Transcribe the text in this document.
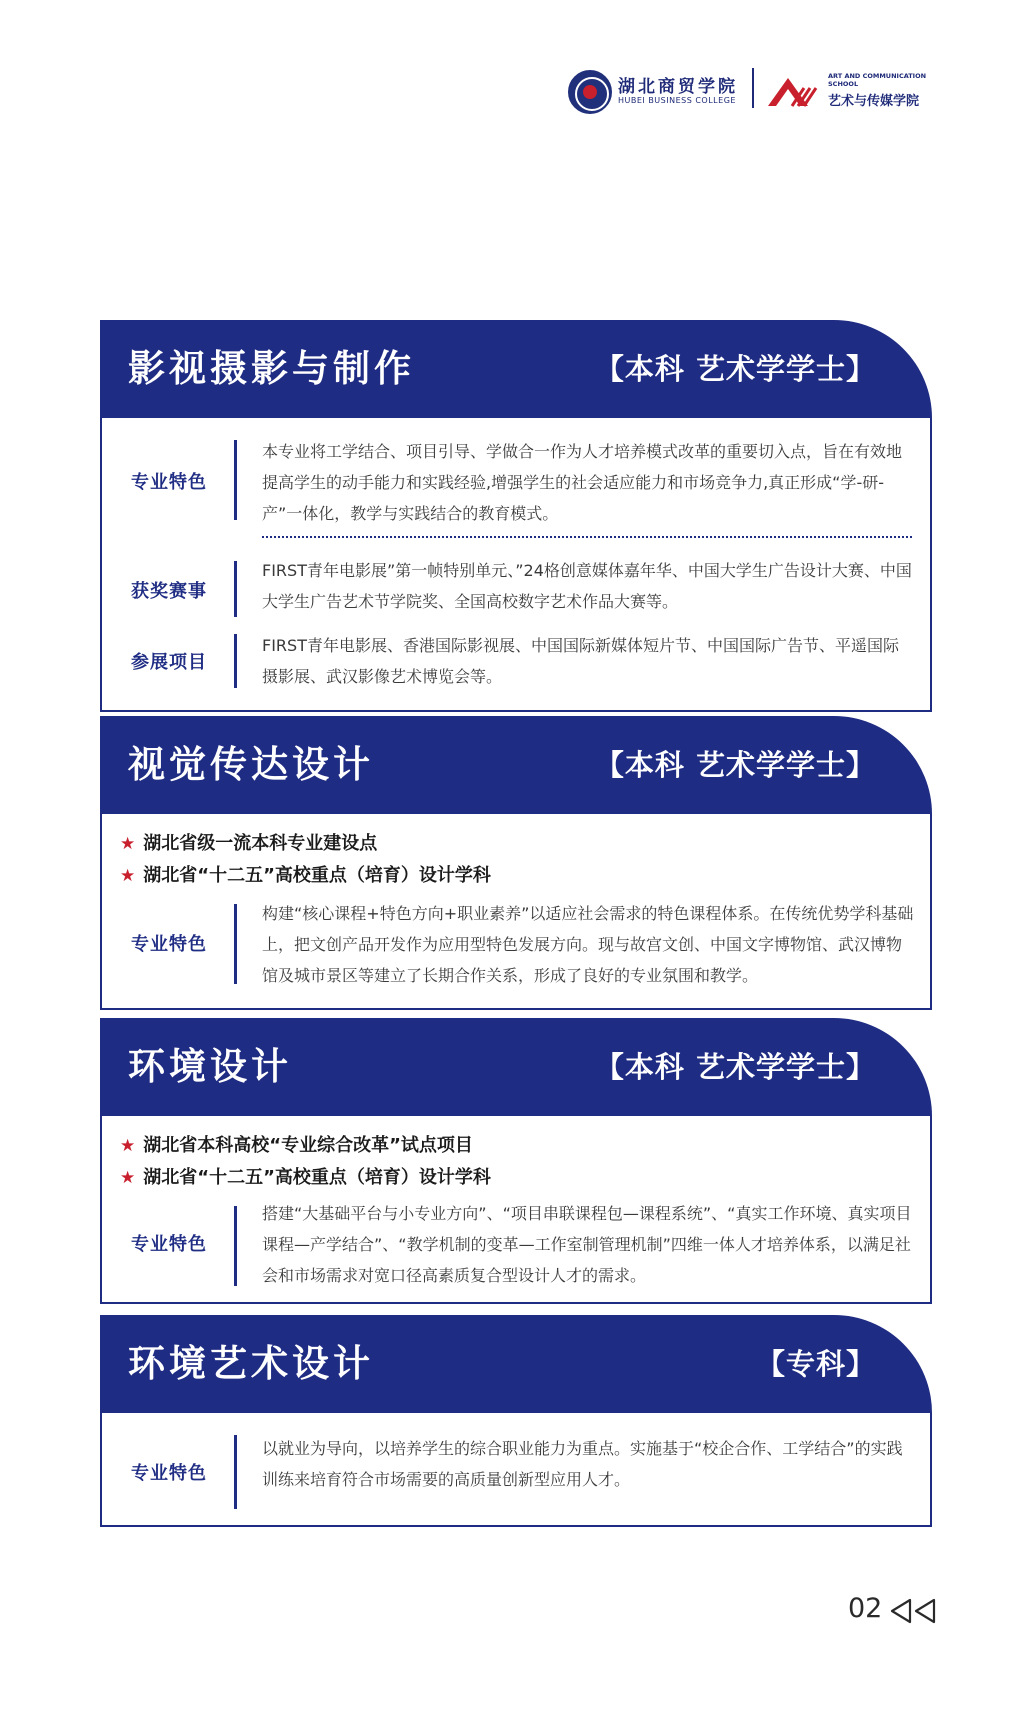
湖北商贸学院
HUBEI BUSINESS COLLEGE
ART AND COMMUNICATION
SCHOOL
艺术与传媒学院
影视摄影与制作	【本科 艺术学学士】
专业特色
本专业将工学结合、项目引导、学做合一作为人才培养模式改革的重要切入点，旨在有效地提高学生的动手能力和实践经验,增强学生的社会适应能力和市场竞争力,真正形成“学-研-产”一体化，教学与实践结合的教育模式。
获奖赛事
FIRST青年电影展”第一帧特别单元、”24格创意媒体嘉年华、中国大学生广告设计大赛、中国大学生广告艺术节学院奖、全国高校数字艺术作品大赛等。
参展项目
FIRST青年电影展、香港国际影视展、中国国际新媒体短片节、中国国际广告节、平遥国际摄影展、武汉影像艺术博览会等。
视觉传达设计	【本科 艺术学学士】
★ 湖北省级一流本科专业建设点
★ 湖北省“十二五”高校重点（培育）设计学科
专业特色
构建“核心课程+特色方向+职业素养”以适应社会需求的特色课程体系。在传统优势学科基础上，把文创产品开发作为应用型特色发展方向。现与故宫文创、中国文字博物馆、武汉博物馆及城市景区等建立了长期合作关系，形成了良好的专业氛围和教学。
环境设计	【本科 艺术学学士】
★ 湖北省本科高校“专业综合改革”试点项目
★ 湖北省“十二五”高校重点（培育）设计学科
专业特色
搭建“大基础平台与小专业方向”、“项目串联课程包—课程系统”、“真实工作环境、真实项目课程—产学结合”、“教学机制的变革—工作室制管理机制”四维一体人才培养体系，以满足社会和市场需求对宽口径高素质复合型设计人才的需求。
环境艺术设计	【专科】
专业特色
以就业为导向，以培养学生的综合职业能力为重点。实施基于“校企合作、工学结合”的实践训练来培育符合市场需要的高质量创新型应用人才。
02
